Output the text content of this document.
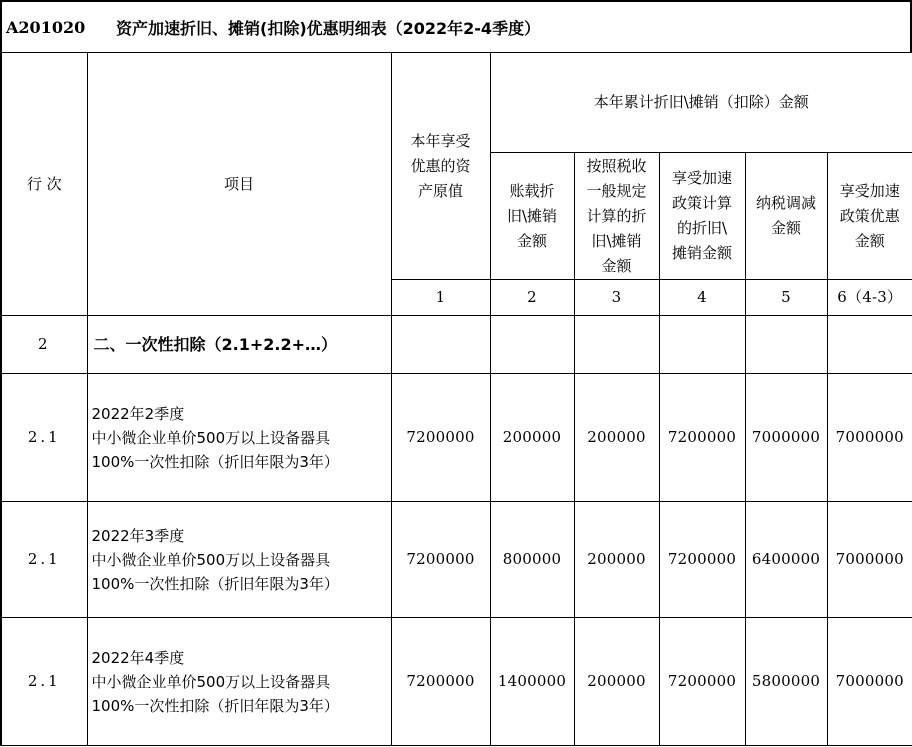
A201020	资产加速折旧、摊销(扣除)优惠明细表（2022年2-4季度）
行 次	项目	本年享受
优惠的资
产原值	本年累计折旧\摊销（扣除）金额				

			账载折
旧\摊销
金额	按照税收
一般规定
计算的折
旧\摊销
金额	享受加速
政策计算
的折旧\
摊销金额	纳税调减
金额	享受加速
政策优惠
金额

		1	2	3	4	5	6（4-3）
2	二、一次性扣除（2.1+2.2+…）						
2.1	2022年2季度
中小微企业单价500万以上设备器具
100%一次性扣除（折旧年限为3年）	7200000	200000	200000	7200000	7000000	7000000
2.1	2022年3季度
中小微企业单价500万以上设备器具
100%一次性扣除（折旧年限为3年）	7200000	800000	200000	7200000	6400000	7000000
2.1	2022年4季度
中小微企业单价500万以上设备器具
100%一次性扣除（折旧年限为3年）	7200000	1400000	200000	7200000	5800000	7000000
